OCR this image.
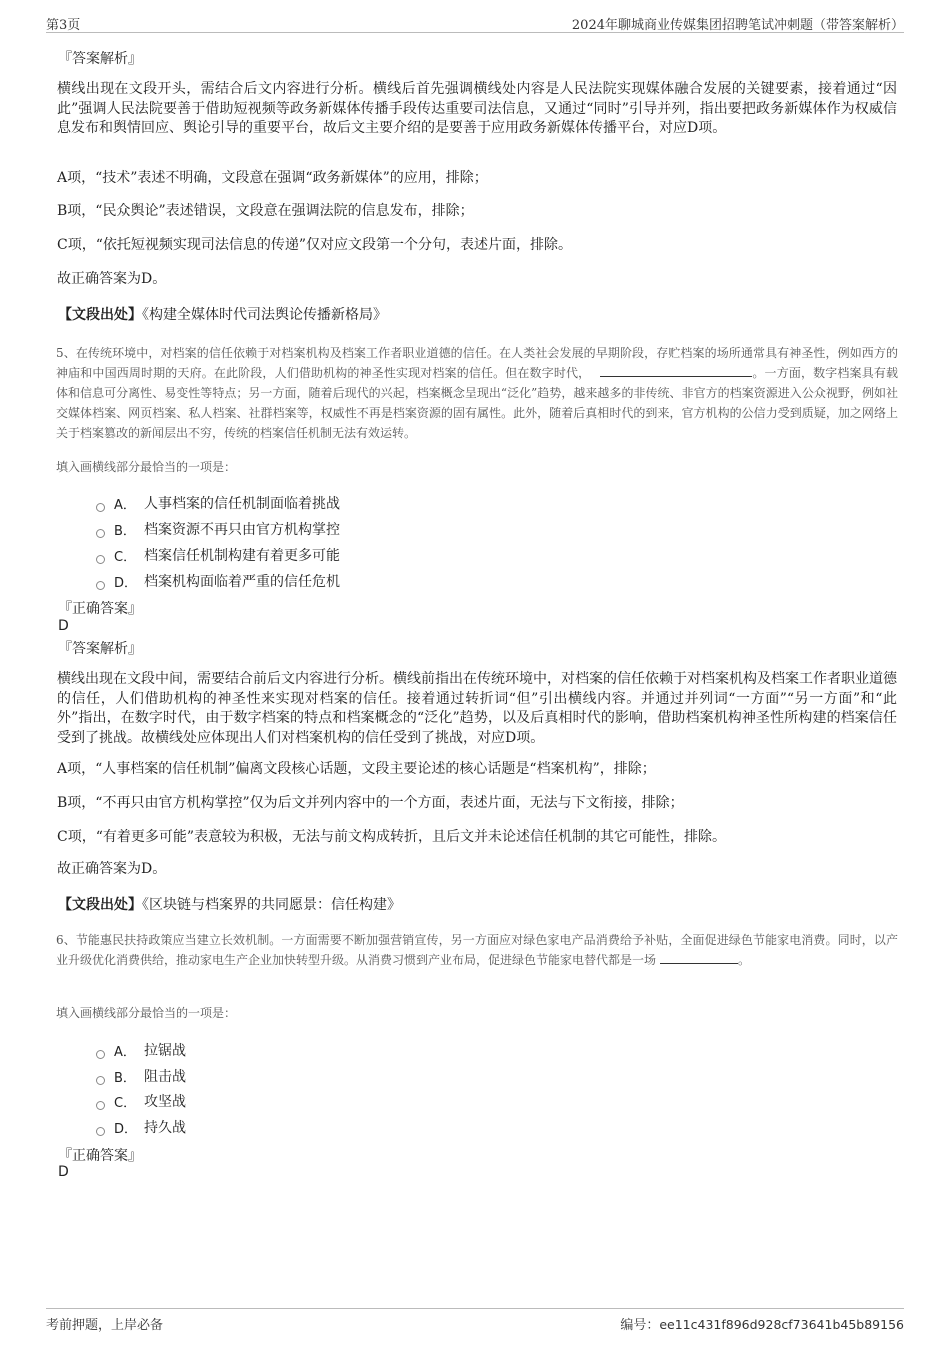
第3页	2024年聊城商业传媒集团招聘笔试冲刺题（带答案解析）
『答案解析』

横线出现在文段开头，需结合后文内容进行分析。横线后首先强调横线处内容是人民法院实现媒体融合发展的关键要素，接着通过“因此”强调人民法院要善于借助短视频等政务新媒体传播手段传达重要司法信息，又通过“同时”引导并列，指出要把政务新媒体作为权威信息发布和舆情回应、舆论引导的重要平台，故后文主要介绍的是要善于应用政务新媒体传播平台，对应D项。

A项，“技术”表述不明确，文段意在强调“政务新媒体”的应用，排除；

B项，“民众舆论”表述错误，文段意在强调法院的信息发布，排除；

C项，“依托短视频实现司法信息的传递”仅对应文段第一个分句，表述片面，排除。

故正确答案为D。

【文段出处】《构建全媒体时代司法舆论传播新格局》

5、在传统环境中，对档案的信任依赖于对档案机构及档案工作者职业道德的信任。在人类社会发展的早期阶段，存贮档案的场所通常具有神圣性，例如西方的神庙和中国西周时期的天府。在此阶段，人们借助机构的神圣性实现对档案的信任。但在数字时代，	。一方面，数字档案具有载体和信息可分离性、易变性等特点；另一方面，随着后现代的兴起，档案概念呈现出“泛化”趋势，越来越多的非传统、非官方的档案资源进入公众视野，例如社交媒体档案、网页档案、私人档案、社群档案等，权威性不再是档案资源的固有属性。此外，随着后真相时代的到来，官方机构的公信力受到质疑，加之网络上关于档案篡改的新闻层出不穷，传统的档案信任机制无法有效运转。

填入画横线部分最恰当的一项是：
A． 人事档案的信任机制面临着挑战
B． 档案资源不再只由官方机构掌控
C． 档案信任机制构建有着更多可能
D． 档案机构面临着严重的信任危机
『正确答案』
D
『答案解析』

横线出现在文段中间，需要结合前后文内容进行分析。横线前指出在传统环境中，对档案的信任依赖于对档案机构及档案工作者职业道德的信任，人们借助机构的神圣性来实现对档案的信任。接着通过转折词“但”引出横线内容。并通过并列词“一方面”“另一方面”和“此外”指出，在数字时代，由于数字档案的特点和档案概念的“泛化”趋势，以及后真相时代的影响，借助档案机构神圣性所构建的档案信任受到了挑战。故横线处应体现出人们对档案机构的信任受到了挑战，对应D项。

A项，“人事档案的信任机制”偏离文段核心话题，文段主要论述的核心话题是“档案机构”，排除；

B项，“不再只由官方机构掌控”仅为后文并列内容中的一个方面，表述片面，无法与下文衔接，排除；

C项，“有着更多可能”表意较为积极，无法与前文构成转折，且后文并未论述信任机制的其它可能性，排除。

故正确答案为D。

【文段出处】《区块链与档案界的共同愿景：信任构建》

6、节能惠民扶持政策应当建立长效机制。一方面需要不断加强营销宣传，另一方面应对绿色家电产品消费给予补贴，全面促进绿色节能家电消费。同时，以产业升级优化消费供给，推动家电生产企业加快转型升级。从消费习惯到产业布局，促进绿色节能家电替代都是一场	。

填入画横线部分最恰当的一项是：
A． 拉锯战
B． 阻击战
C． 攻坚战
D． 持久战
『正确答案』
D
考前押题，上岸必备	编号：ee11c431f896d928cf73641b45b89156
